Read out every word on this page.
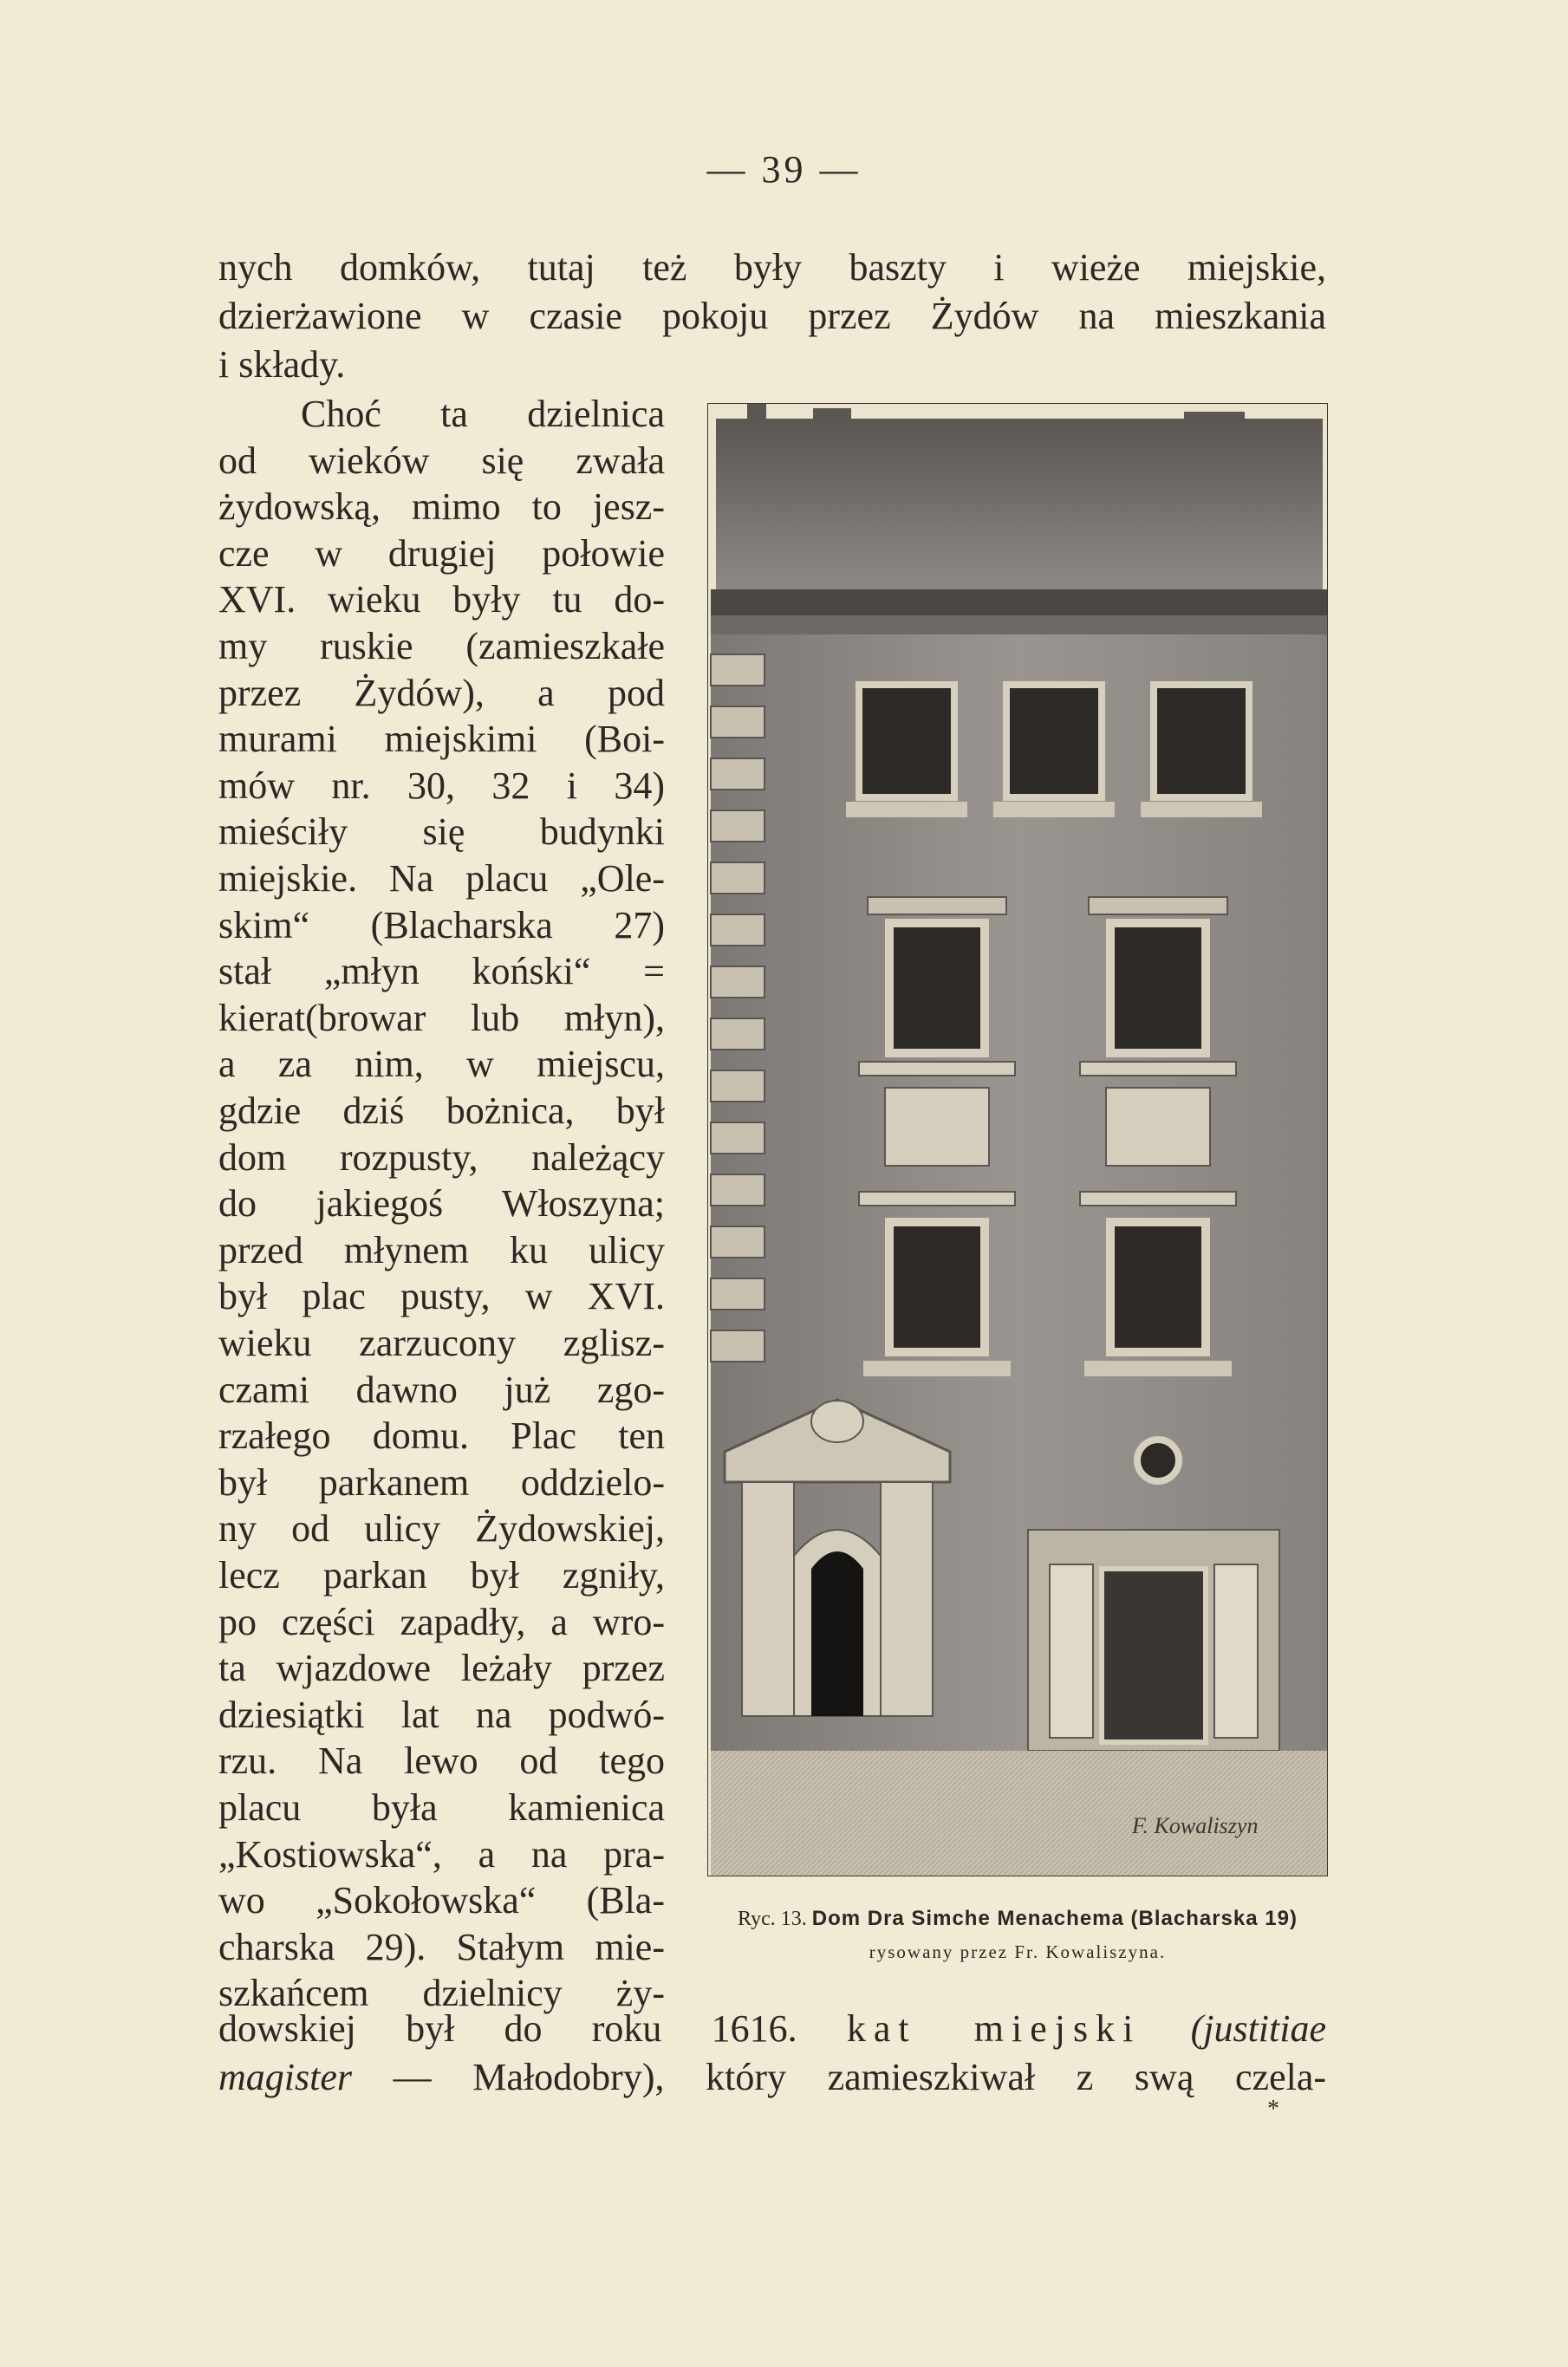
— 39 —
nych domków, tutaj też były baszty i wieże miejskie,
dzierżawione w czasie pokoju przez Żydów na mieszkania
i składy.
Choć ta dzielnica
od wieków się zwała
żydowską, mimo to jesz-
cze w drugiej połowie
XVI. wieku były tu do-
my ruskie (zamieszkałe
przez Żydów), a pod
murami miejskimi (Boi-
mów nr. 30, 32 i 34)
mieściły się budynki
miejskie. Na placu „Ole-
skim“ (Blacharska 27)
stał „młyn koński“ =
kierat(browar lub młyn),
a za nim, w miejscu,
gdzie dziś bożnica, był
dom rozpusty, należący
do jakiegoś Włoszyna;
przed młynem ku ulicy
był plac pusty, w XVI.
wieku zarzucony zglisz-
czami dawno już zgo-
rzałego domu. Plac ten
był parkanem oddzielo-
ny od ulicy Żydowskiej,
lecz parkan był zgniły,
po części zapadły, a wro-
ta wjazdowe leżały przez
dziesiątki lat na podwó-
rzu. Na lewo od tego
placu była kamienica
„Kostiowska“, a na pra-
wo „Sokołowska“ (Bla-
charska 29). Stałym mie-
szkańcem dzielnicy ży-
F. Kowaliszyn
Ryc. 13. Dom Dra Simche Menachema (Blacharska 19)
rysowany przez Fr. Kowaliszyna.
dowskiej był do roku 1616. kat miejski (justitiae
magister — Małodobry), który zamieszkiwał z swą czela-
*
